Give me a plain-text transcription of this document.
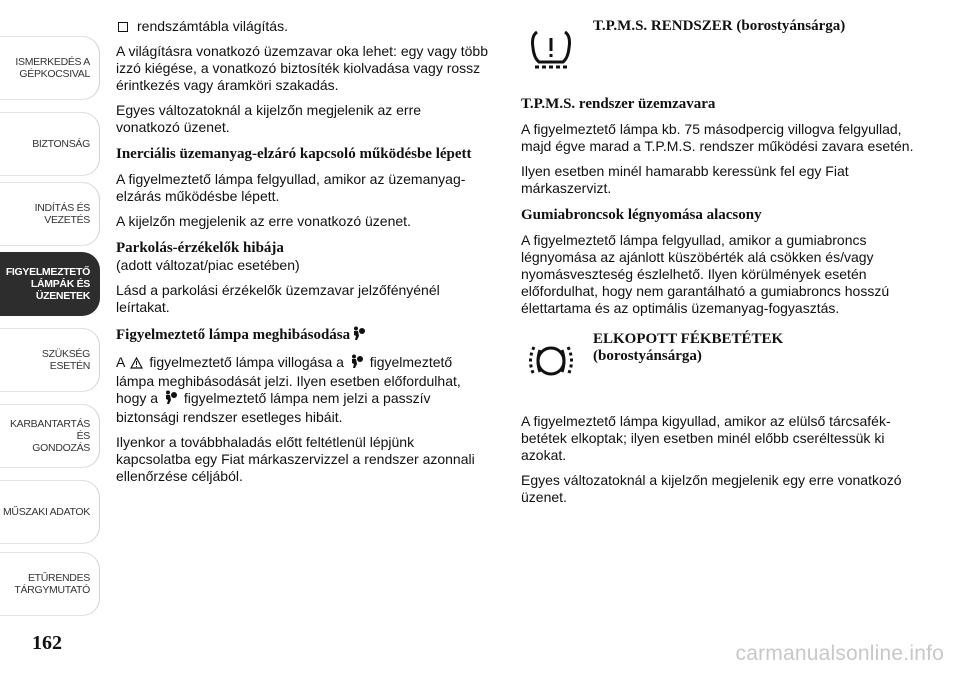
ISMERKEDÉS A
GÉPKOCSIVAL
BIZTONSÁG
INDÍTÁS ÉS VEZETÉS
FIGYELMEZTETŐ
LÁMPÁK ÉS
ÜZENETEK
SZÜKSÉG ESETÉN
KARBANTARTÁS ÉS
GONDOZÁS
MŰSZAKI ADATOK
ETŰRENDES
TÁRGYMUTATÓ
162
rendszámtábla világítás.

A világításra vonatkozó üzemzavar oka lehet: egy vagy több izzó kiégése, a vonatkozó biztosíték kiolvadása vagy rossz érintkezés vagy áramköri szakadás.

Egyes változatoknál a kijelzőn megjelenik az erre vonatkozó üzenet.

Inerciális üzemanyag-elzáró kapcsoló működésbe lépett

A figyelmeztető lámpa felgyullad, amikor az üzemanyag-elzárás működésbe lépett.

A kijelzőn megjelenik az erre vonatkozó üzenet.

Parkolás-érzékelők hibája

(adott változat/piac esetében)

Lásd a parkolási érzékelők üzemzavar jelzőfényénél leírtakat.

Figyelmeztető lámpa meghibásodása

A figyelmeztető lámpa villogása a figyelmeztető lámpa meghibásodását jelzi. Ilyen esetben előfordulhat, hogy a figyelmeztető lámpa nem jelzi a passzív biztonsági rendszer esetleges hibáit.

Ilyenkor a továbbhaladás előtt feltétlenül lépjünk kapcsolatba egy Fiat márkaszervizzel a rendszer azonnali ellenőrzése céljából.

T.P.M.S. RENDSZER (borostyánsárga)
T.P.M.S. rendszer üzemzavara

A figyelmeztető lámpa kb. 75 másodpercig villogva felgyullad, majd égve marad a T.P.M.S. rendszer működési zavara esetén.

Ilyen esetben minél hamarabb keressünk fel egy Fiat márkaszervizt.

Gumiabroncsok légnyomása alacsony

A figyelmeztető lámpa felgyullad, amikor a gumiabroncs légnyomása az ajánlott küszöbérték alá csökken és/vagy nyomásveszteség észlelhető. Ilyen körülmények esetén előfordulhat, hogy nem garantálható a gumiabroncs hosszú élettartama és az optimális üzemanyag-fogyasztás.

ELKOPOTT FÉKBETÉTEK
(borostyánsárga)

A figyelmeztető lámpa kigyullad, amikor az elülső tárcsafék-betétek elkoptak; ilyen esetben minél előbb cseréltessük ki azokat.

Egyes változatoknál a kijelzőn megjelenik egy erre vonatkozó üzenet.

carmanualsonline.info
